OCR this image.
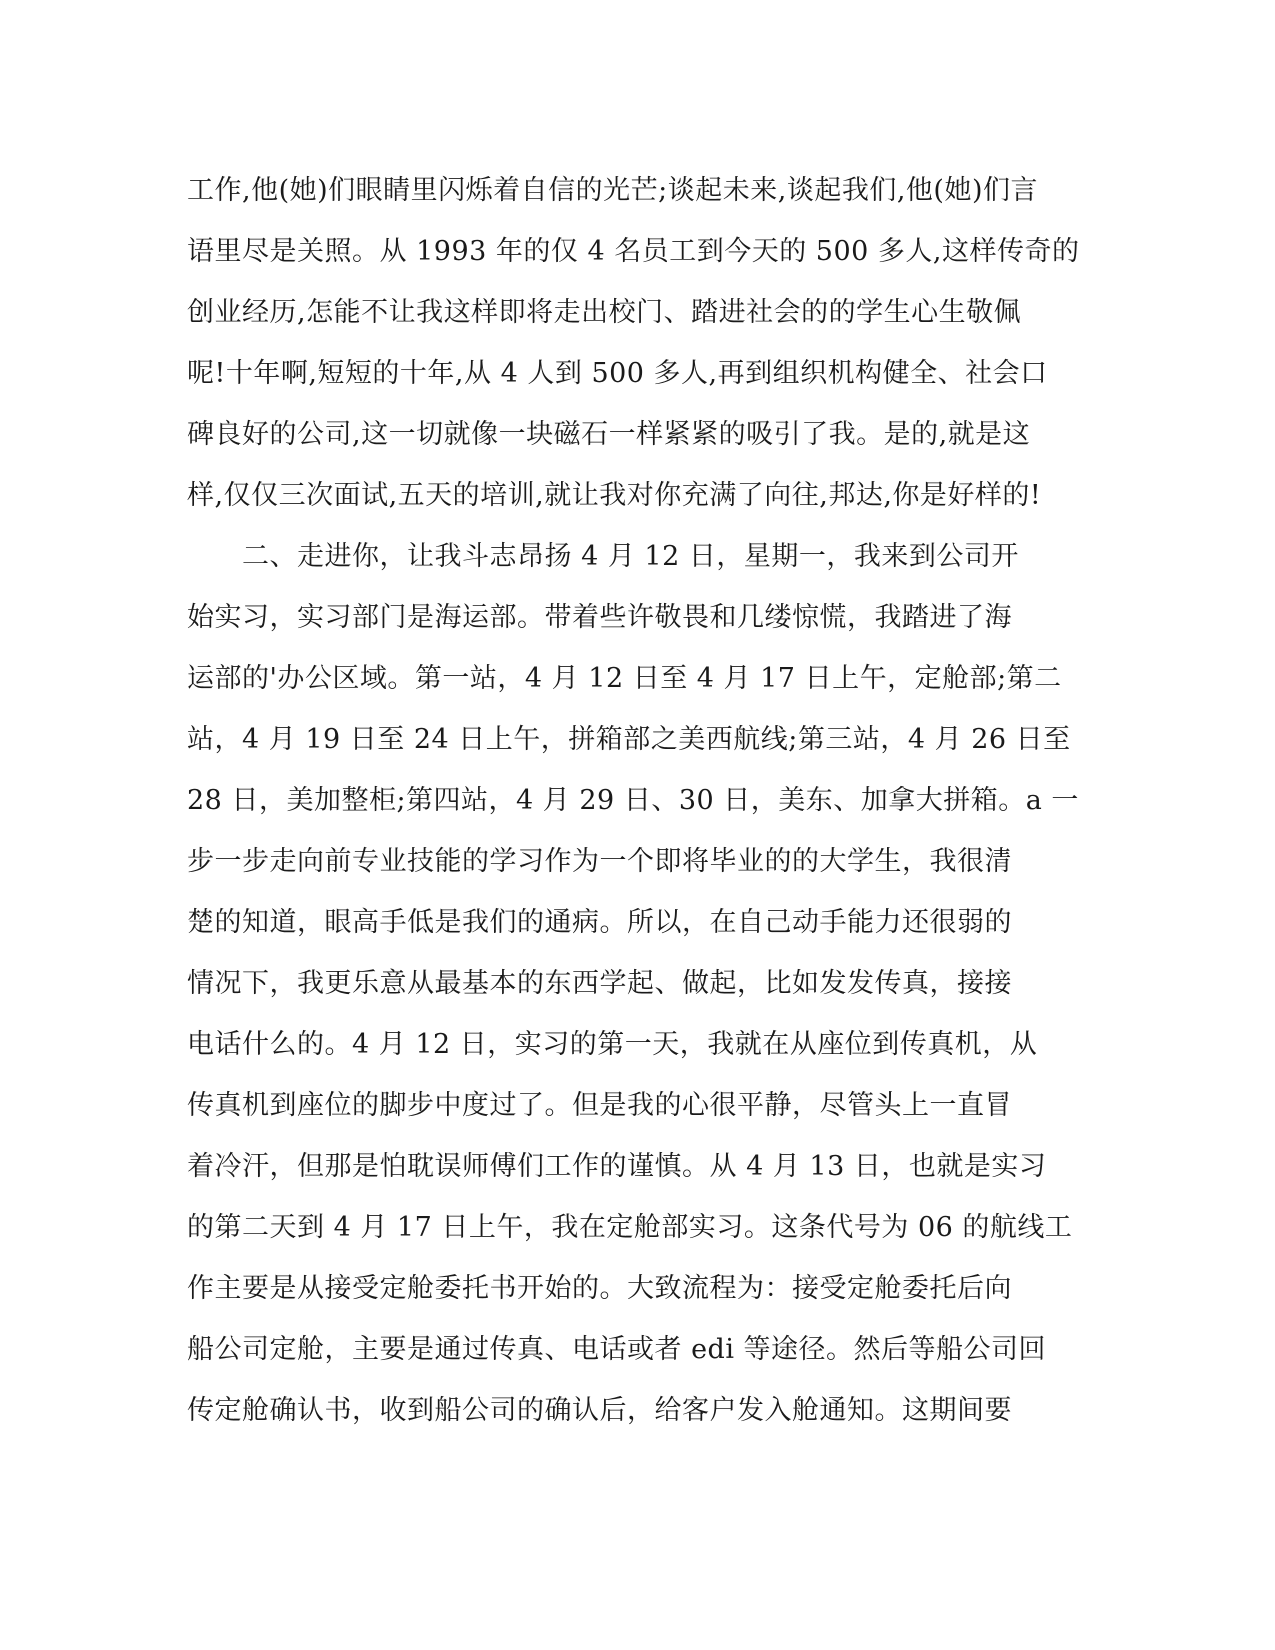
工作,他(她)们眼睛里闪烁着自信的光芒;谈起未来,谈起我们,他(她)们言
语里尽是关照。从 1993 年的仅 4 名员工到今天的 500 多人,这样传奇的
创业经历,怎能不让我这样即将走出校门、踏进社会的的学生心生敬佩
呢!十年啊,短短的十年,从 4 人到 500 多人,再到组织机构健全、社会口
碑良好的公司,这一切就像一块磁石一样紧紧的吸引了我。是的,就是这
样,仅仅三次面试,五天的培训,就让我对你充满了向往,邦达,你是好样的!
　　二、走进你，让我斗志昂扬 4 月 12 日，星期一，我来到公司开
始实习，实习部门是海运部。带着些许敬畏和几缕惊慌，我踏进了海
运部的'办公区域。第一站，4 月 12 日至 4 月 17 日上午，定舱部;第二
站，4 月 19 日至 24 日上午，拼箱部之美西航线;第三站，4 月 26 日至
28 日，美加整柜;第四站，4 月 29 日、30 日，美东、加拿大拼箱。a 一
步一步走向前专业技能的学习作为一个即将毕业的的大学生，我很清
楚的知道，眼高手低是我们的通病。所以，在自己动手能力还很弱的
情况下，我更乐意从最基本的东西学起、做起，比如发发传真，接接
电话什么的。4 月 12 日，实习的第一天，我就在从座位到传真机，从
传真机到座位的脚步中度过了。但是我的心很平静，尽管头上一直冒
着冷汗，但那是怕耽误师傅们工作的谨慎。从 4 月 13 日，也就是实习
的第二天到 4 月 17 日上午，我在定舱部实习。这条代号为 06 的航线工
作主要是从接受定舱委托书开始的。大致流程为：接受定舱委托后向
船公司定舱，主要是通过传真、电话或者 edi 等途径。然后等船公司回
传定舱确认书，收到船公司的确认后，给客户发入舱通知。这期间要
